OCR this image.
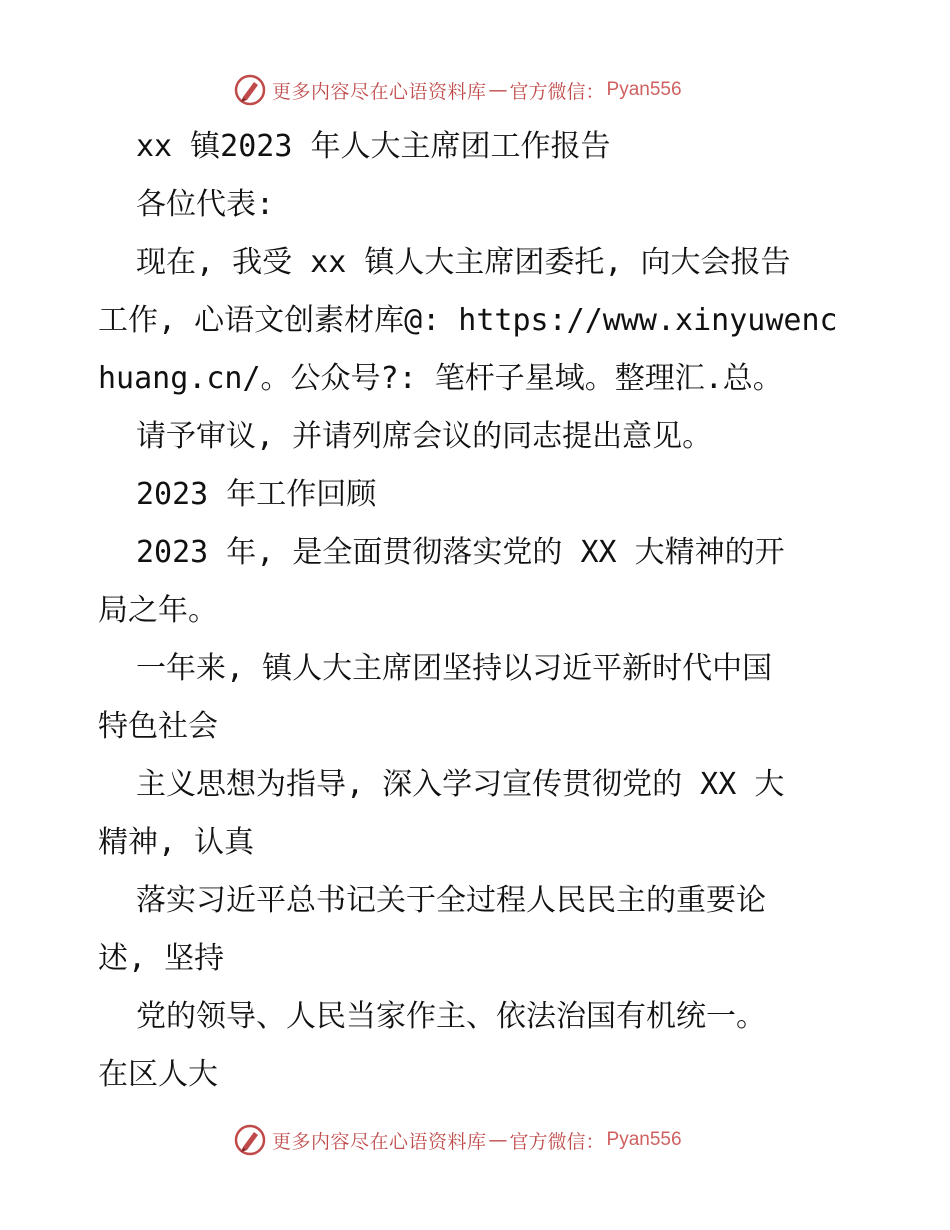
更多内容尽在心语资料库 — 官方微信： Pyan556
xx 镇2023 年人大主席团工作报告
各位代表:
现在, 我受 xx 镇人大主席团委托, 向大会报告
工作, 心语文创素材库@: https://www.xinyuwenc
huang.cn/。公众号?: 笔杆子星域。整理汇.总。
请予审议, 并请列席会议的同志提出意见。
2023 年工作回顾
2023 年, 是全面贯彻落实党的 XX 大精神的开
局之年。
一年来, 镇人大主席团坚持以习近平新时代中国
特色社会
主义思想为指导, 深入学习宣传贯彻党的 XX 大
精神, 认真
落实习近平总书记关于全过程人民民主的重要论
述, 坚持
党的领导、人民当家作主、依法治国有机统一。
在区人大
更多内容尽在心语资料库 — 官方微信： Pyan556
